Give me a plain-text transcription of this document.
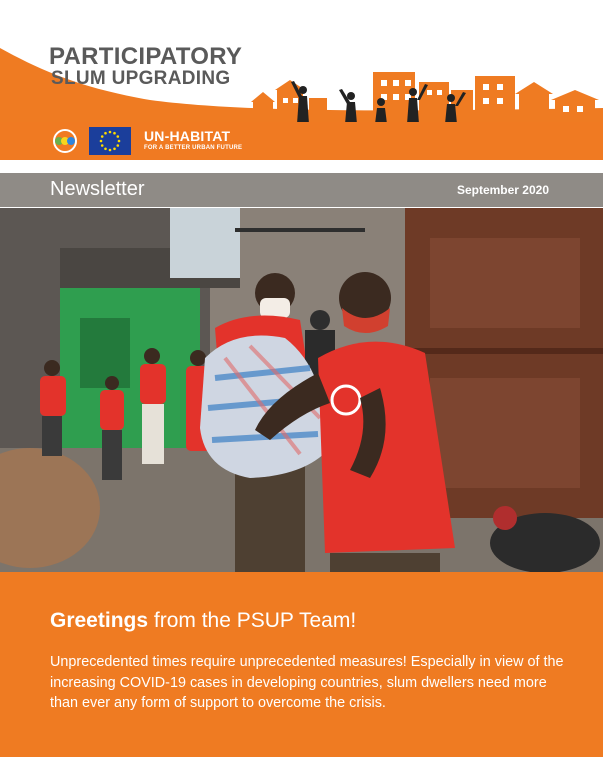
PARTICIPATORY
SLUM UPGRADING
UN-HABITAT
FOR A BETTER URBAN FUTURE
Newsletter	September 2020
Greetings from the PSUP Team!
Unprecedented times require unprecedented measures! Especially in view of the increasing COVID-19 cases in developing countries, slum dwellers need more than ever any form of support to overcome the crisis.
